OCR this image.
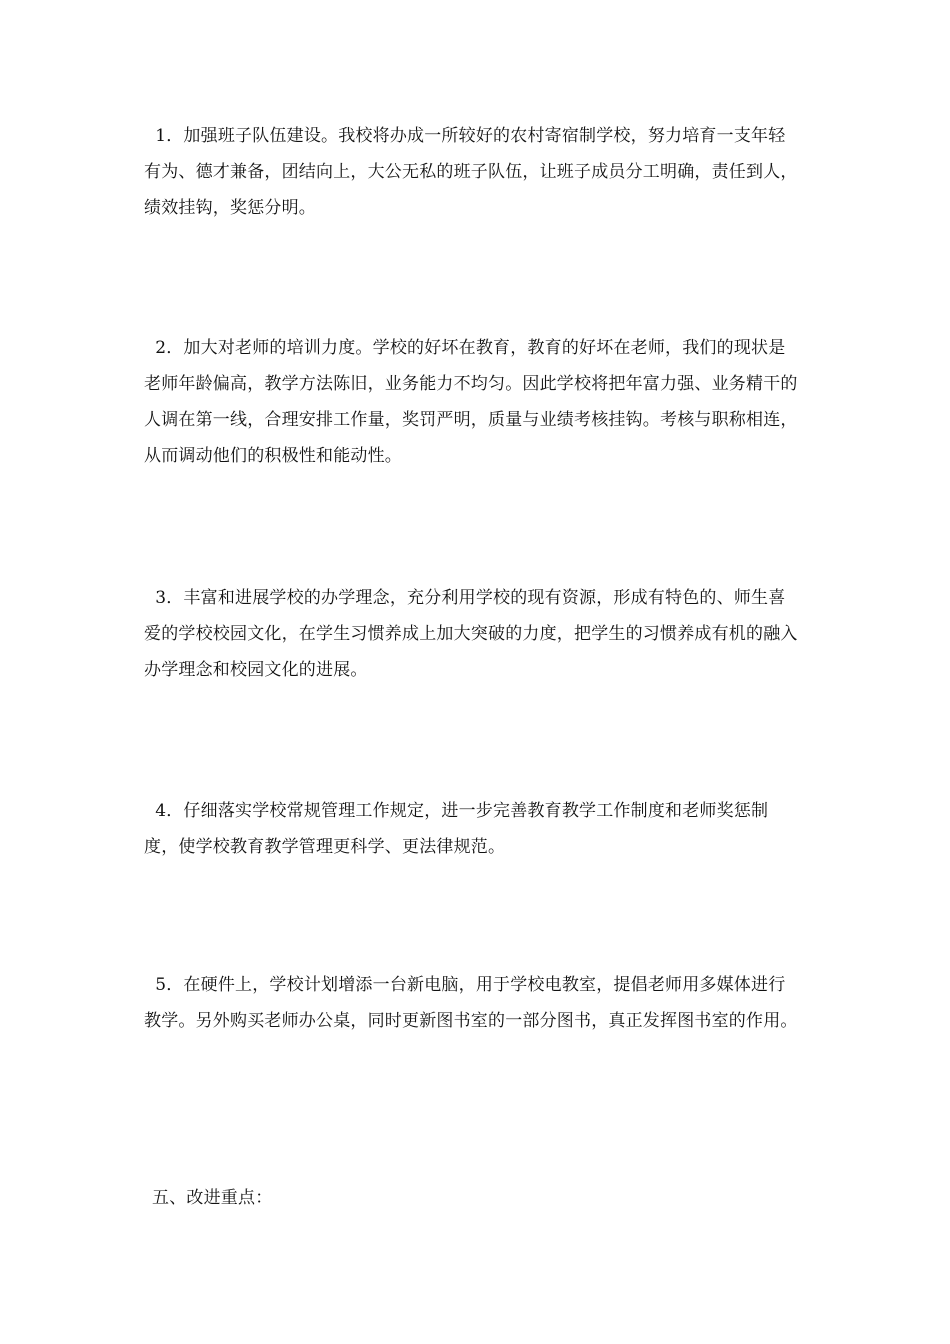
1．加强班子队伍建设。我校将办成一所较好的农村寄宿制学校，努力培育一支年轻有为、德才兼备，团结向上，大公无私的班子队伍，让班子成员分工明确，责任到人，绩效挂钩，奖惩分明。

2．加大对老师的培训力度。学校的好坏在教育，教育的好坏在老师，我们的现状是老师年龄偏高，教学方法陈旧，业务能力不均匀。因此学校将把年富力强、业务精干的人调在第一线，合理安排工作量，奖罚严明，质量与业绩考核挂钩。考核与职称相连，从而调动他们的积极性和能动性。

3．丰富和进展学校的办学理念，充分利用学校的现有资源，形成有特色的、师生喜爱的学校校园文化，在学生习惯养成上加大突破的力度，把学生的习惯养成有机的融入办学理念和校园文化的进展。

4．仔细落实学校常规管理工作规定，进一步完善教育教学工作制度和老师奖惩制度，使学校教育教学管理更科学、更法律规范。

5．在硬件上，学校计划增添一台新电脑，用于学校电教室，提倡老师用多媒体进行教学。另外购买老师办公桌，同时更新图书室的一部分图书，真正发挥图书室的作用。

五、改进重点：
